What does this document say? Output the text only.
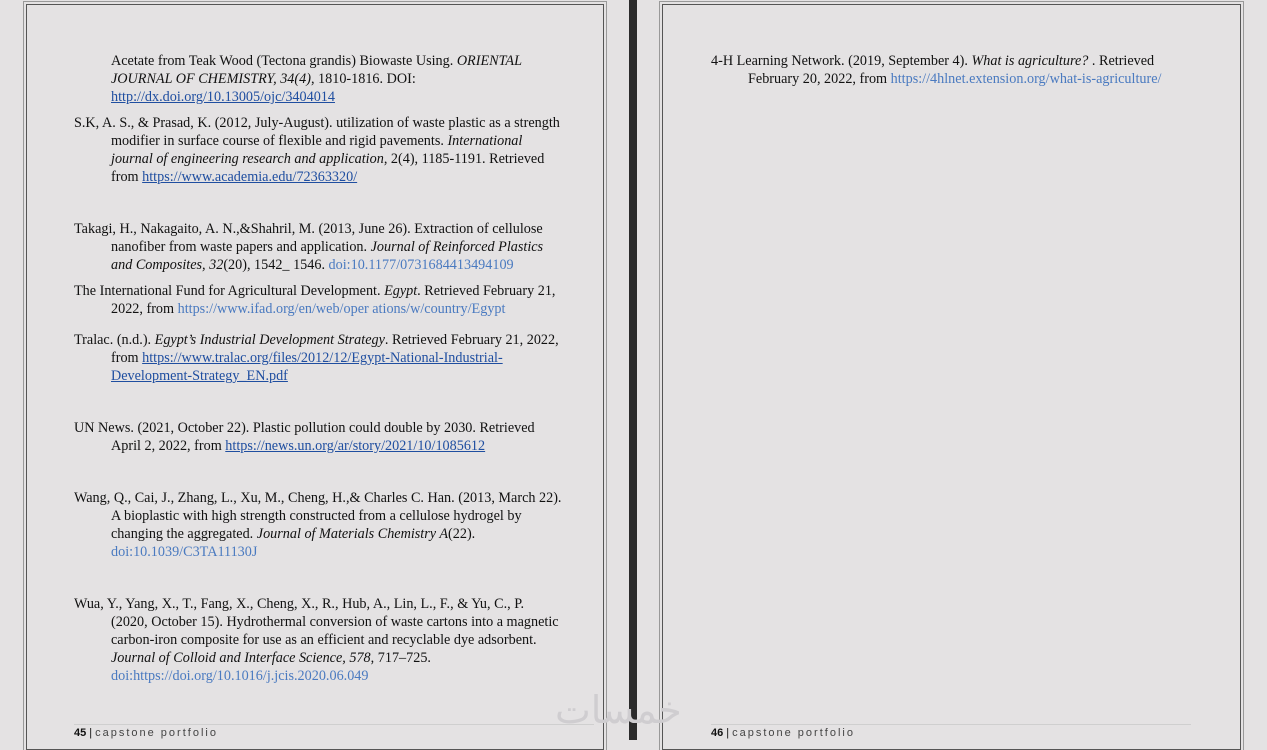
Acetate from Teak Wood (Tectona grandis) Biowaste Using. ORIENTAL JOURNAL OF CHEMISTRY, 34(4), 1810-1816. DOI: http://dx.doi.org/10.13005/ojc/3404014

S.K, A. S., & Prasad, K. (2012, July-August). utilization of waste plastic as a strength modifier in surface course of flexible and rigid pavements. International journal of engineering research and application, 2(4), 1185-1191. Retrieved from https://www.academia.edu/72363320/

Takagi, H., Nakagaito, A. N.,&Shahril, M. (2013, June 26). Extraction of cellulose nanofiber from waste papers and application. Journal of Reinforced Plastics and Composites, 32(20), 1542_ 1546. doi:10.1177/0731684413494109

The International Fund for Agricultural Development. Egypt. Retrieved February 21, 2022, from https://www.ifad.org/en/web/oper ations/w/country/Egypt

Tralac. (n.d.). Egypt’s Industrial Development Strategy. Retrieved February 21, 2022, from https://www.tralac.org/files/2012/12/Egypt-National-Industrial-Development-Strategy_EN.pdf

UN News. (2021, October 22). Plastic pollution could double by 2030. Retrieved April 2, 2022, from https://news.un.org/ar/story/2021/10/1085612

Wang, Q., Cai, J., Zhang, L., Xu, M., Cheng, H.,& Charles C. Han. (2013, March 22). A bioplastic with high strength constructed from a cellulose hydrogel by changing the aggregated. Journal of Materials Chemistry A(22). doi:10.1039/C3TA11130J

Wua, Y., Yang, X., T., Fang, X., Cheng, X., R., Hub, A., Lin, L., F., & Yu, C., P. (2020, October 15). Hydrothermal conversion of waste cartons into a magnetic carbon-iron composite for use as an efficient and recyclable dye adsorbent. Journal of Colloid and Interface Science, 578, 717–725. doi:https://doi.org/10.1016/j.jcis.2020.06.049

45 | capstone portfolio

4-H Learning Network. (2019, September 4). What is agriculture? . Retrieved February 20, 2022, from https://4hlnet.extension.org/what-is-agriculture/

46 | capstone portfolio
خمسات
